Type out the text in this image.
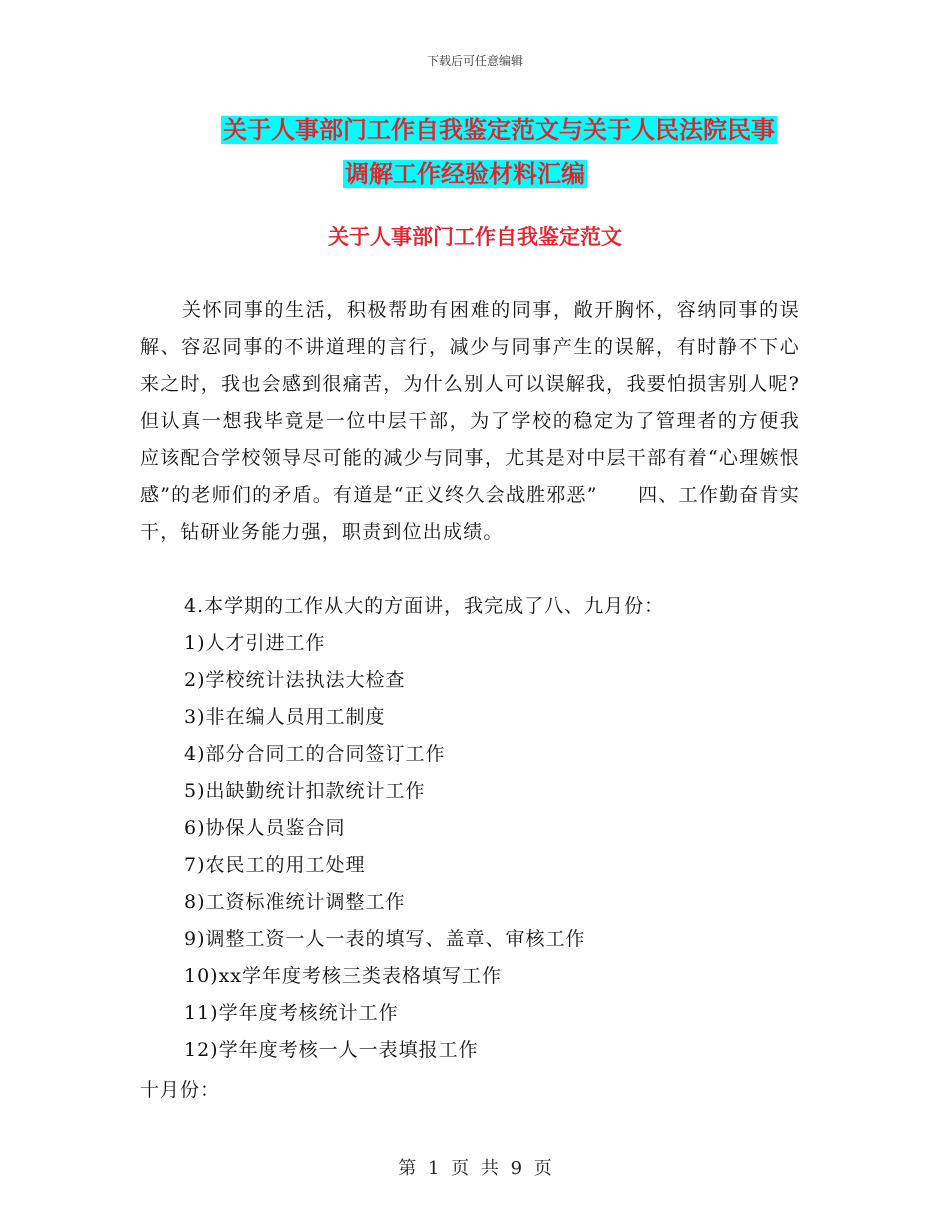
下载后可任意编辑
关于人事部门工作自我鉴定范文与关于人民法院民事
调解工作经验材料汇编
关于人事部门工作自我鉴定范文
关怀同事的生活，积极帮助有困难的同事，敞开胸怀，容纳同事的误解、容忍同事的不讲道理的言行，减少与同事产生的误解，有时静不下心来之时，我也会感到很痛苦，为什么别人可以误解我，我要怕损害别人呢?但认真一想我毕竟是一位中层干部，为了学校的稳定为了管理者的方便我应该配合学校领导尽可能的减少与同事，尤其是对中层干部有着“心理嫉恨感”的老师们的矛盾。有道是“正义终久会战胜邪恶”　　四、工作勤奋肯实干，钻研业务能力强，职责到位出成绩。
4.本学期的工作从大的方面讲，我完成了八、九月份：
1)人才引进工作
2)学校统计法执法大检查
3)非在编人员用工制度
4)部分合同工的合同签订工作
5)出缺勤统计扣款统计工作
6)协保人员鉴合同
7)农民工的用工处理
8)工资标准统计调整工作
9)调整工资一人一表的填写、盖章、审核工作
10)xx学年度考核三类表格填写工作
11)学年度考核统计工作
12)学年度考核一人一表填报工作
十月份：
第 1 页 共 9 页
